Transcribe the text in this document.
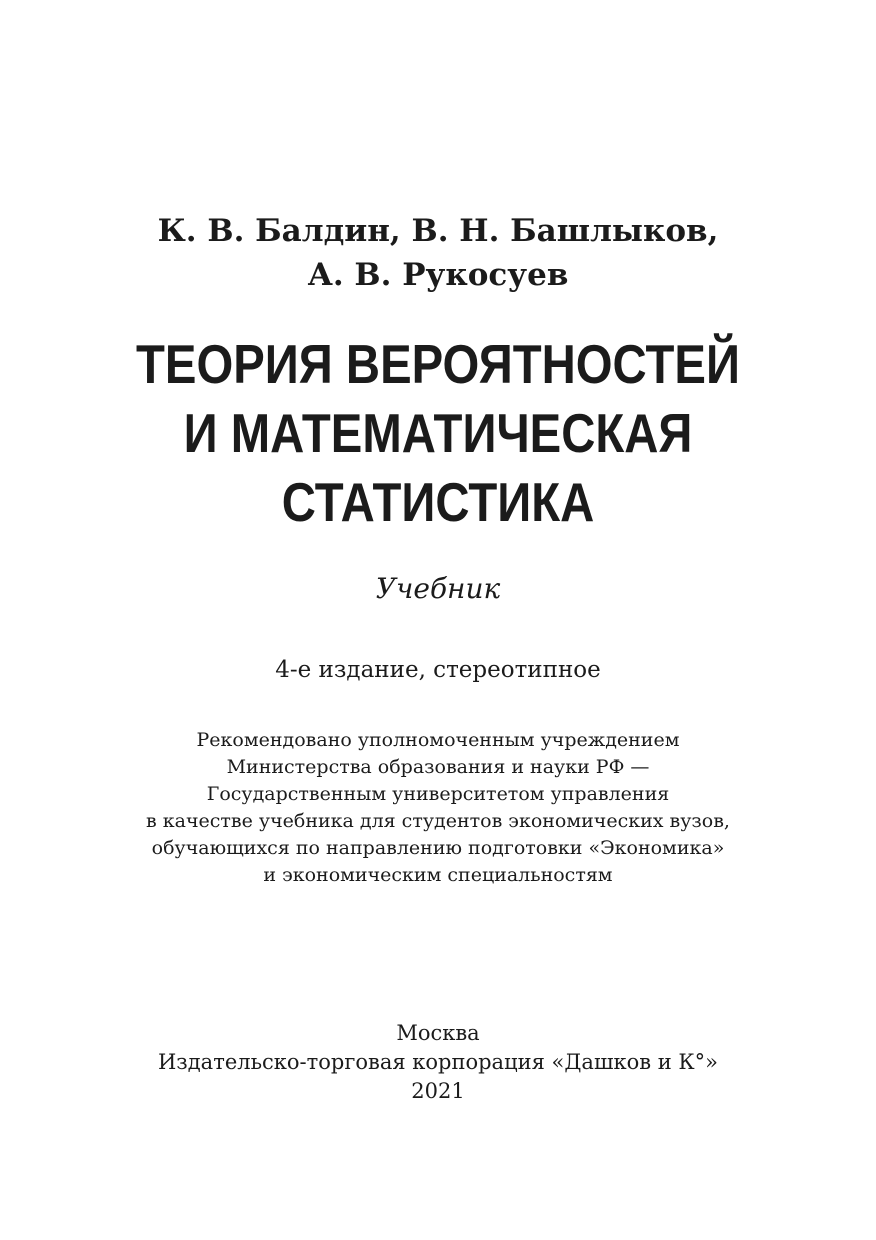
К. В. Балдин, В. Н. Башлыков,
А. В. Рукосуев
ТЕОРИЯ ВЕРОЯТНОСТЕЙ
И МАТЕМАТИЧЕСКАЯ
СТАТИСТИКА
Учебник
4-е издание, стереотипное
Рекомендовано уполномоченным учреждением
Министерства образования и науки РФ —
Государственным университетом управления
в качестве учебника для студентов экономических вузов,
обучающихся по направлению подготовки «Экономика»
и экономическим специальностям
Москва
Издательско-торговая корпорация «Дашков и К°»
2021
